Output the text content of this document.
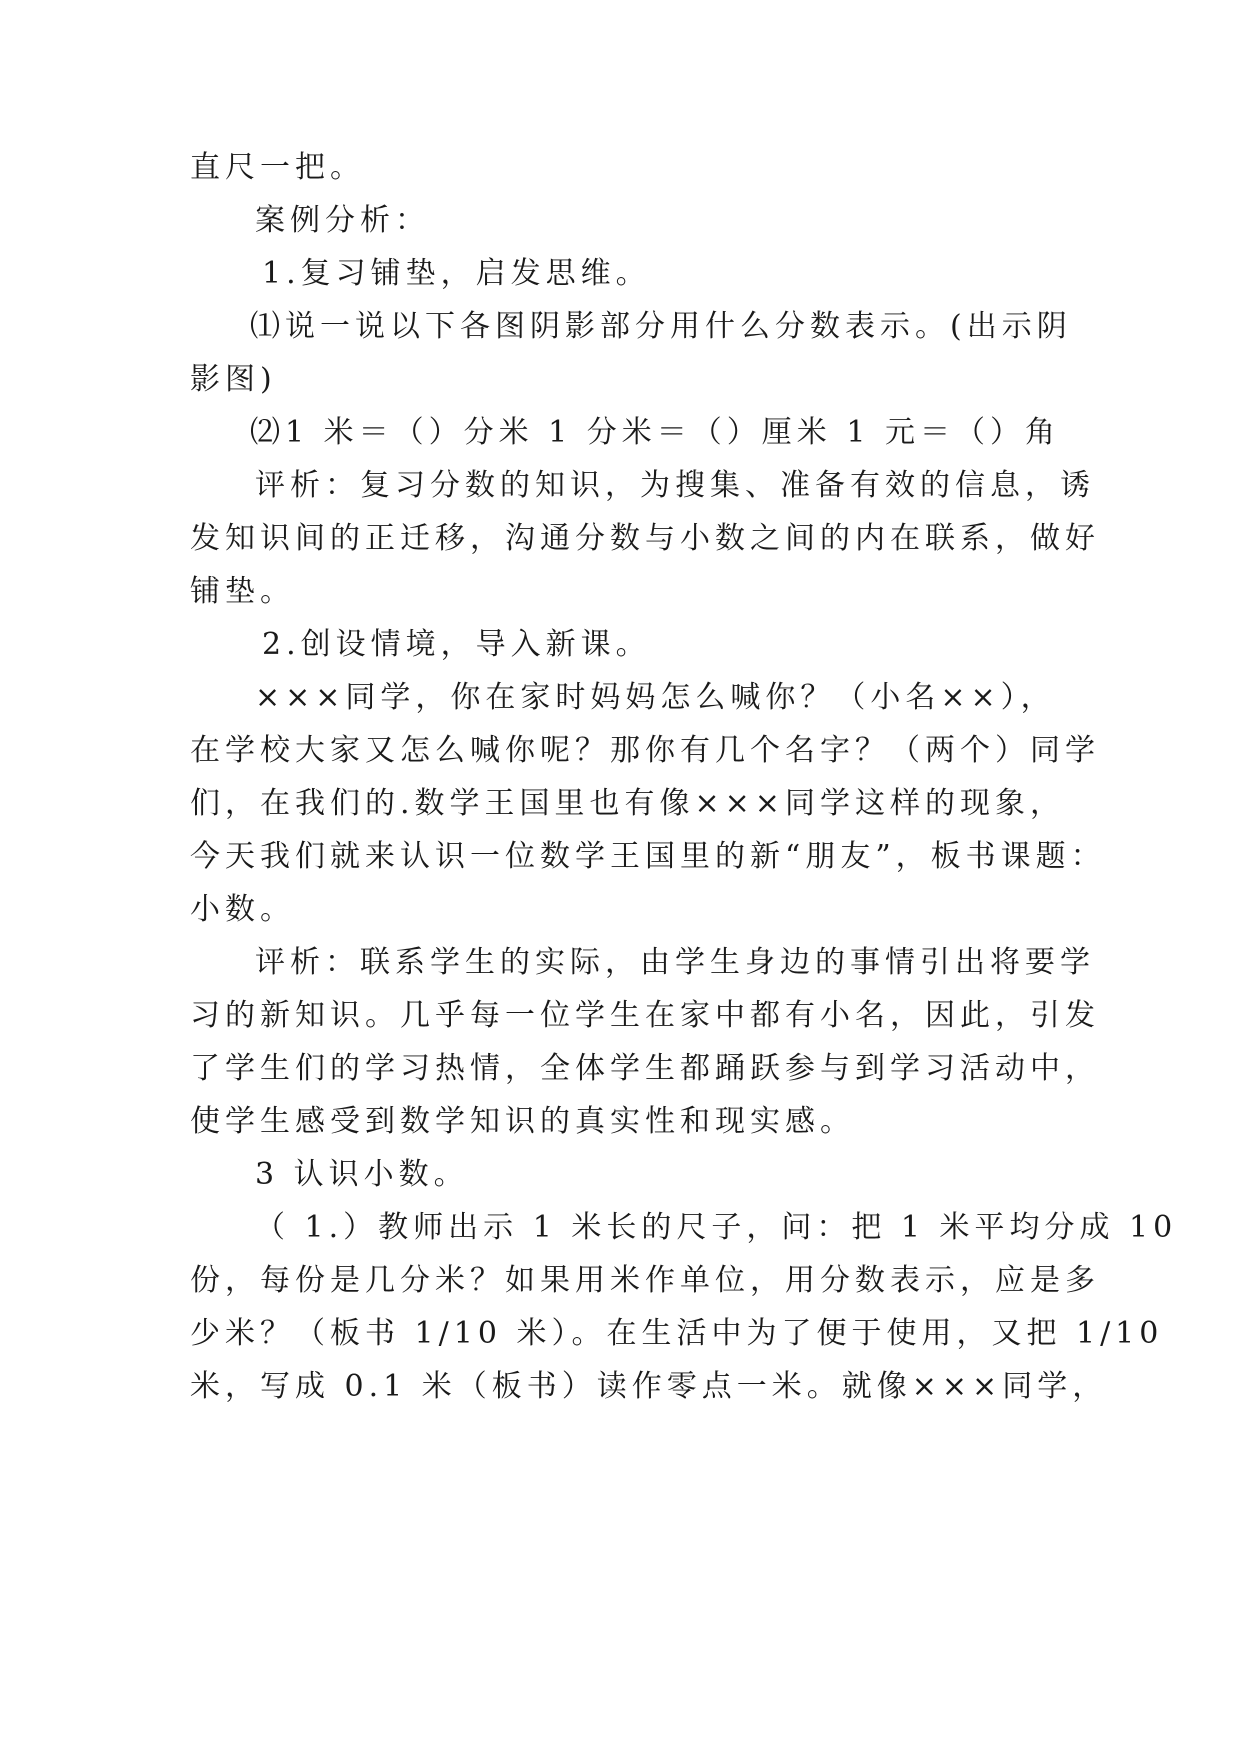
直尺一把。
案例分析：
1.复习铺垫，启发思维。
⑴说一说以下各图阴影部分用什么分数表示。(出示阴
影图)
⑵1 米＝（）分米 1 分米＝（）厘米 1 元＝（）角
评析：复习分数的知识，为搜集、准备有效的信息，诱
发知识间的正迁移，沟通分数与小数之间的内在联系，做好
铺垫。
2.创设情境，导入新课。
×××同学，你在家时妈妈怎么喊你？（小名××），
在学校大家又怎么喊你呢？那你有几个名字？（两个）同学
们，在我们的.数学王国里也有像×××同学这样的现象，
今天我们就来认识一位数学王国里的新“朋友”，板书课题：
小数。
评析：联系学生的实际，由学生身边的事情引出将要学
习的新知识。几乎每一位学生在家中都有小名，因此，引发
了学生们的学习热情，全体学生都踊跃参与到学习活动中，
使学生感受到数学知识的真实性和现实感。
3 认识小数。
（ 1.）教师出示 1 米长的尺子，问：把 1 米平均分成 10
份，每份是几分米？如果用米作单位，用分数表示，应是多
少米？（板书 1/10 米）。在生活中为了便于使用，又把 1/10
米，写成 0.1 米（板书）读作零点一米。就像×××同学，
